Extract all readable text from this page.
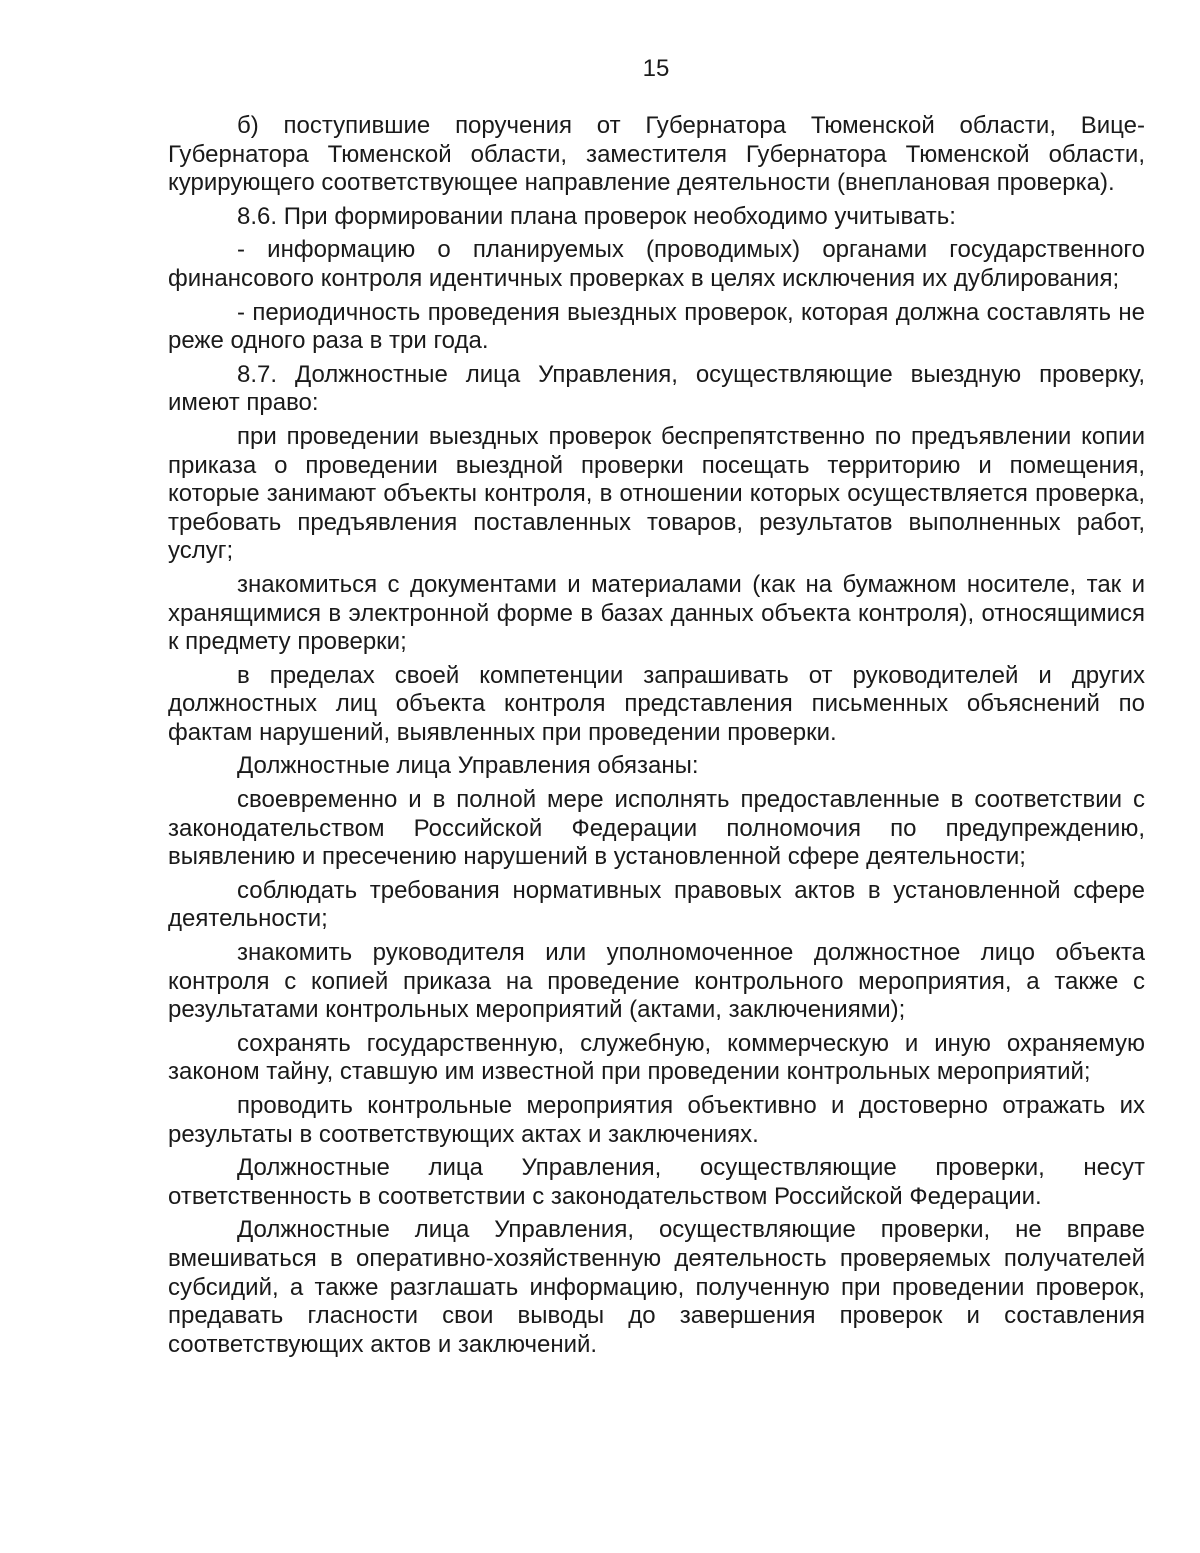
15

б) поступившие поручения от Губернатора Тюменской области, Вице-Губернатора Тюменской области, заместителя Губернатора Тюменской области, курирующего соответствующее направление деятельности (внеплановая проверка).

8.6. При формировании плана проверок необходимо учитывать:

- информацию о планируемых (проводимых) органами государственного финансового контроля идентичных проверках в целях исключения их дублирования;

- периодичность проведения выездных проверок, которая должна составлять не реже одного раза в три года.

8.7. Должностные лица Управления, осуществляющие выездную проверку, имеют право:

при проведении выездных проверок беспрепятственно по предъявлении копии приказа о проведении выездной проверки посещать территорию и помещения, которые занимают объекты контроля, в отношении которых осуществляется проверка, требовать предъявления поставленных товаров, результатов выполненных работ, услуг;

знакомиться с документами и материалами (как на бумажном носителе, так и хранящимися в электронной форме в базах данных объекта контроля), относящимися к предмету проверки;

в пределах своей компетенции запрашивать от руководителей и других должностных лиц объекта контроля представления письменных объяснений по фактам нарушений, выявленных при проведении проверки.

Должностные лица Управления обязаны:

своевременно и в полной мере исполнять предоставленные в соответствии с законодательством Российской Федерации полномочия по предупреждению, выявлению и пресечению нарушений в установленной сфере деятельности;

соблюдать требования нормативных правовых актов в установленной сфере деятельности;

знакомить руководителя или уполномоченное должностное лицо объекта контроля с копией приказа на проведение контрольного мероприятия, а также с результатами контрольных мероприятий (актами, заключениями);

сохранять государственную, служебную, коммерческую и иную охраняемую законом тайну, ставшую им известной при проведении контрольных мероприятий;

проводить контрольные мероприятия объективно и достоверно отражать их результаты в соответствующих актах и заключениях.

Должностные лица Управления, осуществляющие проверки, несут ответственность в соответствии с законодательством Российской Федерации.

Должностные лица Управления, осуществляющие проверки, не вправе вмешиваться в оперативно-хозяйственную деятельность проверяемых получателей субсидий, а также разглашать информацию, полученную при проведении проверок, предавать гласности свои выводы до завершения проверок и составления соответствующих актов и заключений.
